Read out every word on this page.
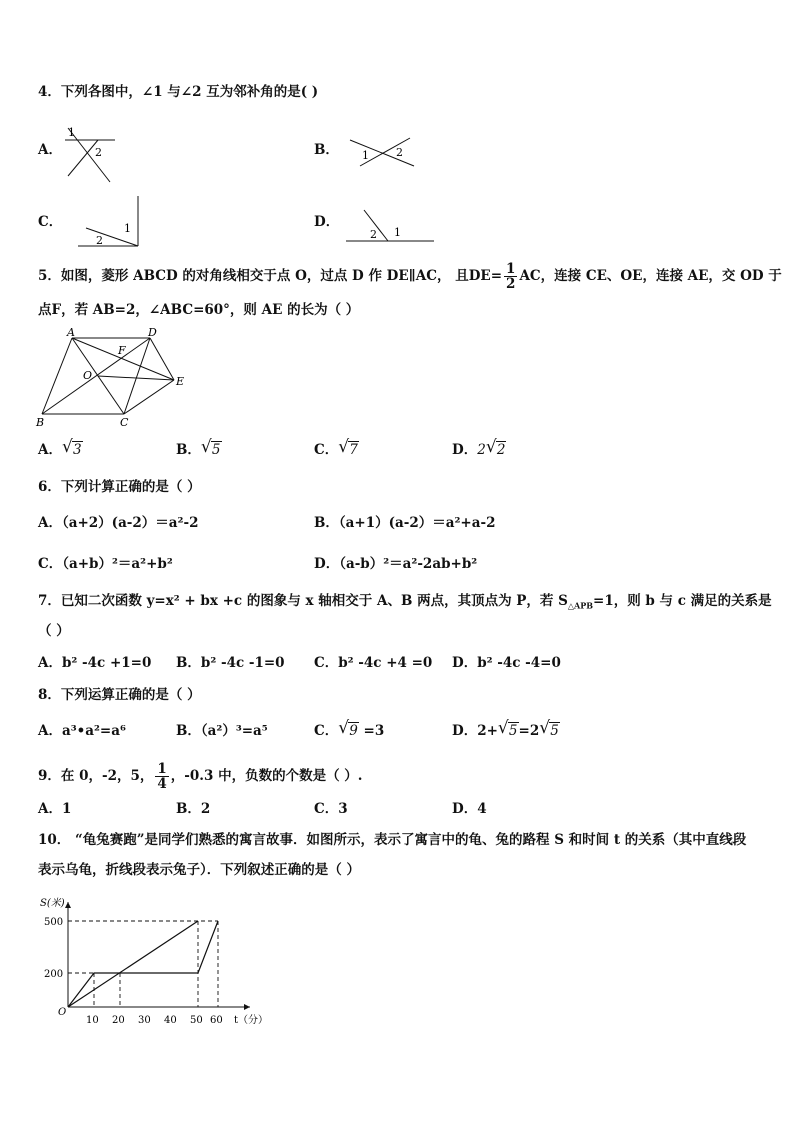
4．下列各图中，∠1 与∠2 互为邻补角的是( )
A．
1
2	B． 1 2
C．	1
2
D．
2 1
5．如图，菱形 ABCD 的对角线相交于点 O，过点 D 作 DE∥AC， 且$DE= \frac{1}{2}$ AC，连接 CE、OE，连接 AE，交 OD 于
点F，若 AB=2，∠ABC=60°，则 AE 的长为（ ）
A	D
E
C
B
O
F
A． √ 3	B． √ 5	C． √ 7	D．2 √ 2
6．下列计算正确的是（ ）
A．（a+2）(a-2）＝a²-2	B．（a+1）(a-2）＝a²+a-2
C．（a+b）²＝a²+b²	D．（a-b）²＝a²-2ab+b²
7．已知二次函数 y=x² + bx +c 的图象与 x 轴相交于 A、B 两点，其顶点为 P，若 $S_{\triangle APB}=1$，则 b 与 c 满足的关系是
（ ）
A．b² -4c +1=0 B．b² -4c -1=0 C．b² -4c +4 =0 D．b² -4c -4=0
8．下列运算正确的是（ ）
A．a³•a²=a⁶	B．（a²）³=a⁵	C． √ 9 =3	D．2+ √ 5=2 √ 5
9．在 0，-2，5， $\frac{1}{4}$ ，-0.3 中，负数的个数是（ ）.
A．1	B．2	C．3	D．4
10． “龟兔赛跑”是同学们熟悉的寓言故事．如图所示，表示了寓言中的龟、兔的路程 S 和时间 t 的关系（其中直线段
表示乌龟，折线段表示兔子）．下列叙述正确的是（ ）
S(米)
t（分）
O
10 20 30 40 50 60
200
500
